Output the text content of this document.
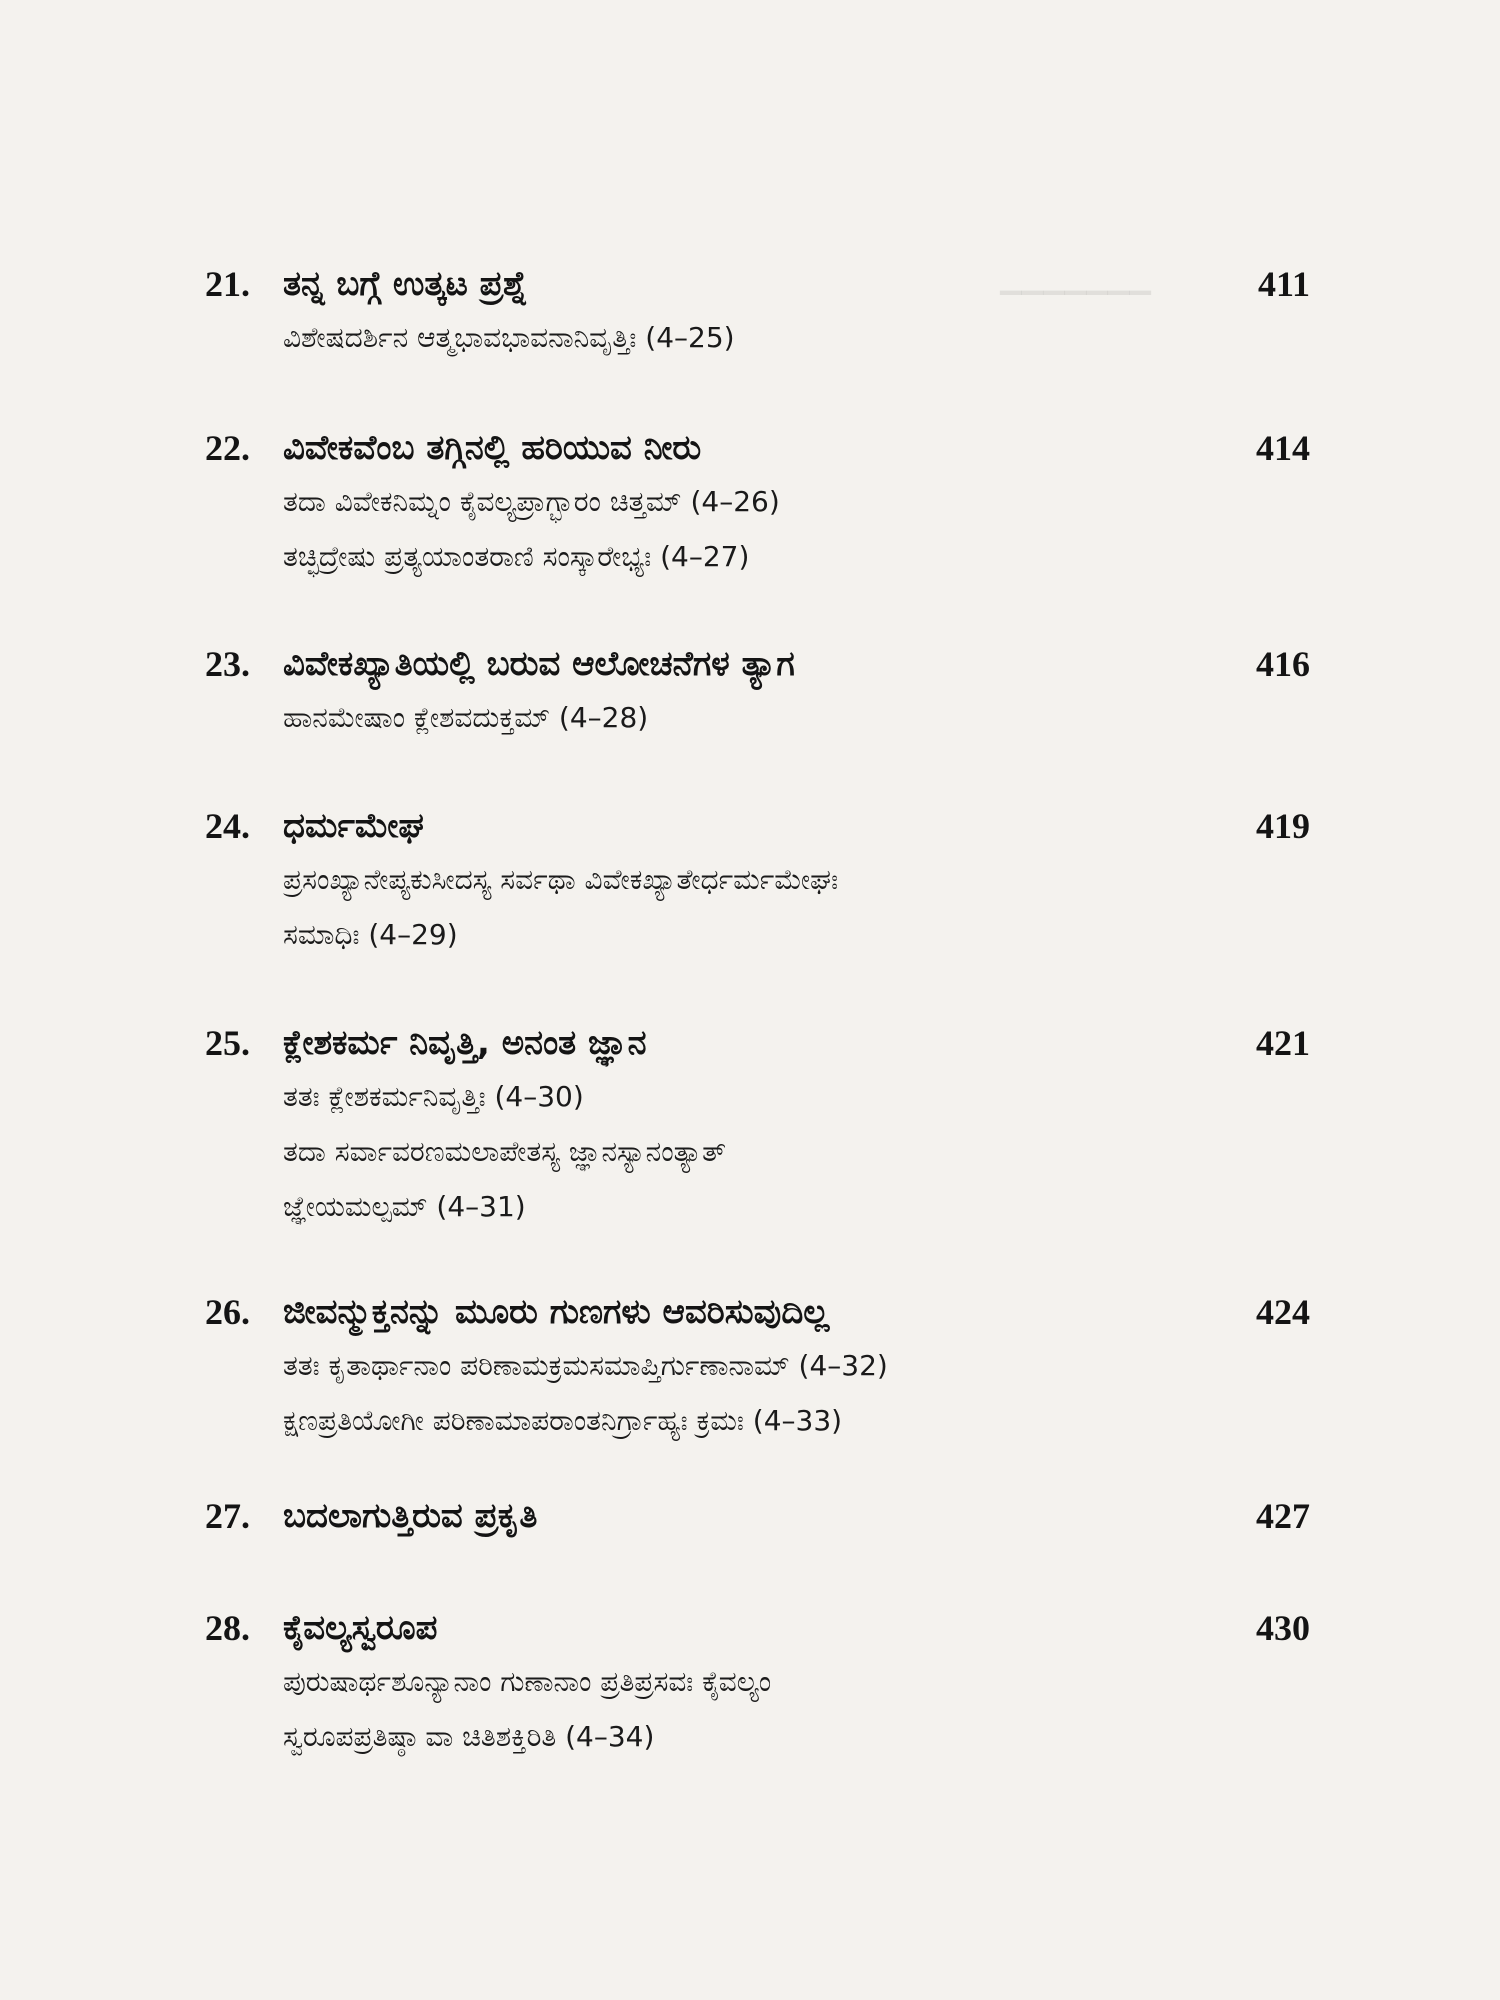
▁▁▁▁▁▁▁
21. ತನ್ನ ಬಗ್ಗೆ ಉತ್ಕಟ ಪ್ರಶ್ನೆ	411
ವಿಶೇಷದರ್ಶಿನ ಆತ್ಮಭಾವಭಾವನಾನಿವೃತ್ತಿಃ (4–25)
22. ವಿವೇಕವೆಂಬ ತಗ್ಗಿನಲ್ಲಿ ಹರಿಯುವ ನೀರು	414
ತದಾ ವಿವೇಕನಿಮ್ನಂ ಕೈವಲ್ಯಪ್ರಾಗ್ಭಾರಂ ಚಿತ್ತಮ್ (4–26)
ತಚ್ಛಿದ್ರೇಷು ಪ್ರತ್ಯಯಾಂತರಾಣಿ ಸಂಸ್ಕಾರೇಭ್ಯಃ (4–27)
23. ವಿವೇಕಖ್ಯಾತಿಯಲ್ಲಿ ಬರುವ ಆಲೋಚನೆಗಳ ತ್ಯಾಗ	416
ಹಾನಮೇಷಾಂ ಕ್ಲೇಶವದುಕ್ತಮ್ (4–28)
24. ಧರ್ಮಮೇಘ	419
ಪ್ರಸಂಖ್ಯಾನೇಪ್ಯಕುಸೀದಸ್ಯ ಸರ್ವಥಾ ವಿವೇಕಖ್ಯಾತೇರ್ಧರ್ಮಮೇಘಃ
ಸಮಾಧಿಃ (4–29)
25. ಕ್ಲೇಶಕರ್ಮ ನಿವೃತ್ತಿ, ಅನಂತ ಜ್ಞಾನ	421
ತತಃ ಕ್ಲೇಶಕರ್ಮನಿವೃತ್ತಿಃ (4–30)
ತದಾ ಸರ್ವಾವರಣಮಲಾಪೇತಸ್ಯ ಜ್ಞಾನಸ್ಯಾನಂತ್ಯಾತ್
ಜ್ಞೇಯಮಲ್ಪಮ್ (4–31)
26. ಜೀವನ್ಮುಕ್ತನನ್ನು ಮೂರು ಗುಣಗಳು ಆವರಿಸುವುದಿಲ್ಲ	424
ತತಃ ಕೃತಾರ್ಥಾನಾಂ ಪರಿಣಾಮಕ್ರಮಸಮಾಪ್ತಿರ್ಗುಣಾನಾಮ್ (4–32)
ಕ್ಷಣಪ್ರತಿಯೋಗೀ ಪರಿಣಾಮಾಪರಾಂತನಿರ್ಗ್ರಾಹ್ಯಃ ಕ್ರಮಃ (4–33)
27. ಬದಲಾಗುತ್ತಿರುವ ಪ್ರಕೃತಿ	427
28. ಕೈವಲ್ಯಸ್ವರೂಪ	430
ಪುರುಷಾರ್ಥಶೂನ್ಯಾನಾಂ ಗುಣಾನಾಂ ಪ್ರತಿಪ್ರಸವಃ ಕೈವಲ್ಯಂ
ಸ್ವರೂಪಪ್ರತಿಷ್ಠಾ ವಾ ಚಿತಿಶಕ್ತಿರಿತಿ (4–34)
